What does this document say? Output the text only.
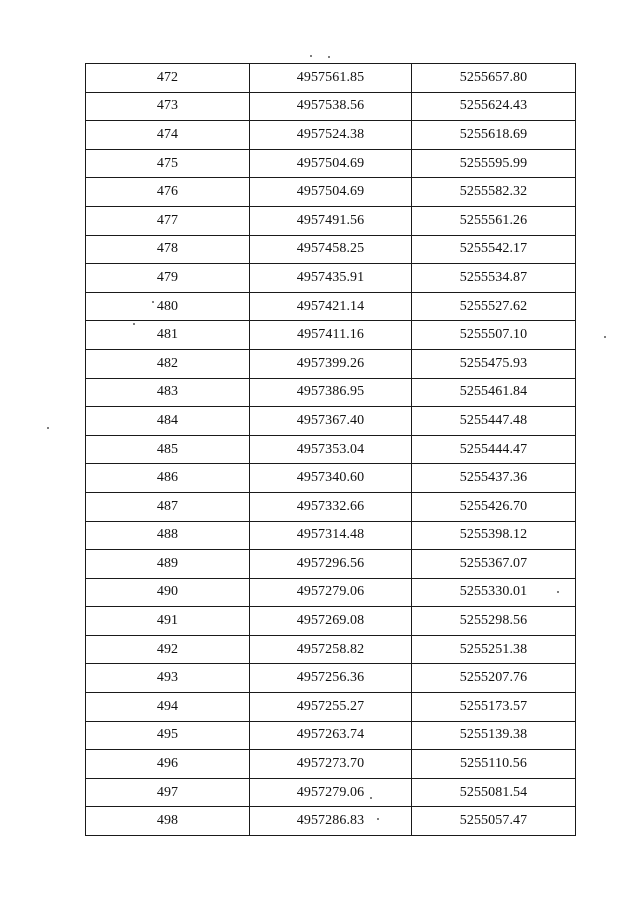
472	4957561.85	5255657.80
473	4957538.56	5255624.43
474	4957524.38	5255618.69
475	4957504.69	5255595.99
476	4957504.69	5255582.32
477	4957491.56	5255561.26
478	4957458.25	5255542.17
479	4957435.91	5255534.87
480	4957421.14	5255527.62
481	4957411.16	5255507.10
482	4957399.26	5255475.93
483	4957386.95	5255461.84
484	4957367.40	5255447.48
485	4957353.04	5255444.47
486	4957340.60	5255437.36
487	4957332.66	5255426.70
488	4957314.48	5255398.12
489	4957296.56	5255367.07
490	4957279.06	5255330.01
491	4957269.08	5255298.56
492	4957258.82	5255251.38
493	4957256.36	5255207.76
494	4957255.27	5255173.57
495	4957263.74	5255139.38
496	4957273.70	5255110.56
497	4957279.06	5255081.54
498	4957286.83	5255057.47
